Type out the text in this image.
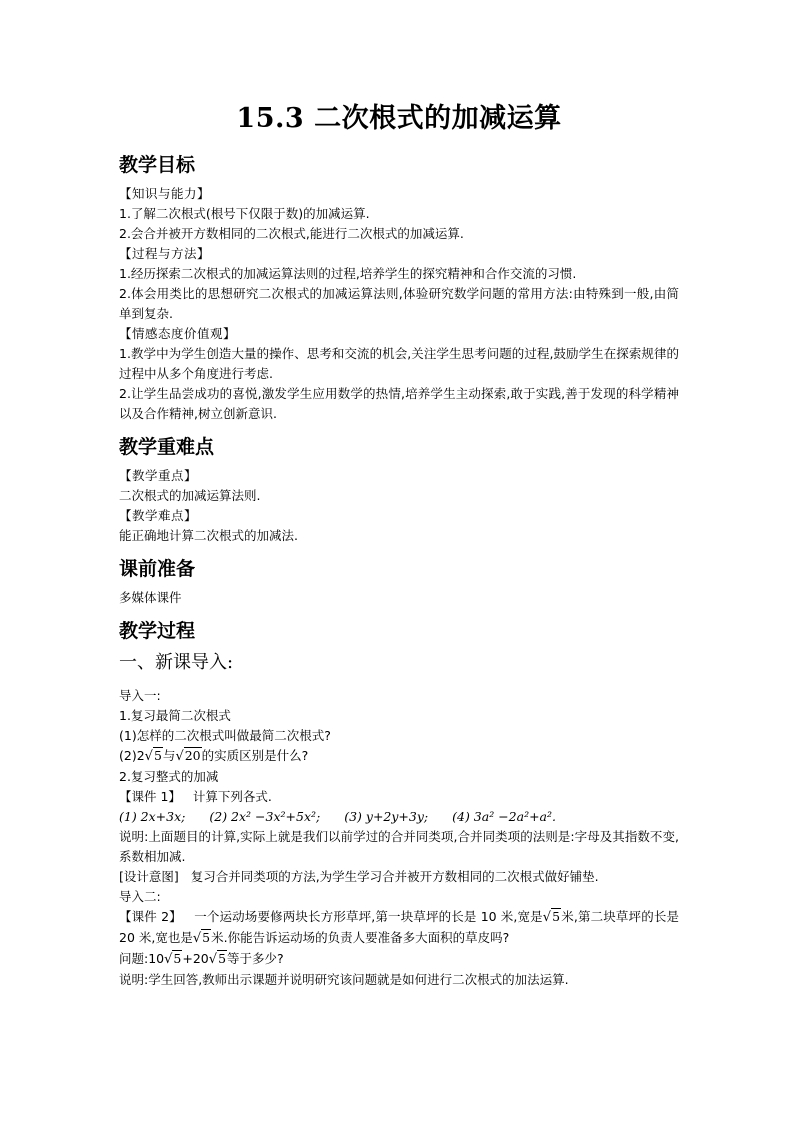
15.3 二次根式的加减运算
教学目标

【知识与能力】

1.了解二次根式(根号下仅限于数)的加减运算.

2.会合并被开方数相同的二次根式,能进行二次根式的加减运算.

【过程与方法】

1.经历探索二次根式的加减运算法则的过程,培养学生的探究精神和合作交流的习惯.

2.体会用类比的思想研究二次根式的加减运算法则,体验研究数学问题的常用方法:由特殊到一般,由简单到复杂.

【情感态度价值观】

1.教学中为学生创造大量的操作、思考和交流的机会,关注学生思考问题的过程,鼓励学生在探索规律的过程中从多个角度进行考虑.

2.让学生品尝成功的喜悦,激发学生应用数学的热情,培养学生主动探索,敢于实践,善于发现的科学精神以及合作精神,树立创新意识.

教学重难点

【教学重点】

二次根式的加减运算法则.

【教学难点】

能正确地计算二次根式的加减法.

课前准备

多媒体课件

教学过程
一、新课导入:

导入一:

1.复习最简二次根式

(1)怎样的二次根式叫做最简二次根式?

(2)2√5与√20的实质区别是什么?

2.复习整式的加减

【课件 1】 计算下列各式.

(1) 2x+3x; (2) 2x² −3x²+5x²; (3) y+2y+3y; (4) 3a² −2a²+a².

说明:上面题目的计算,实际上就是我们以前学过的合并同类项,合并同类项的法则是:字母及其指数不变,系数相加减.

[设计意图] 复习合并同类项的方法,为学生学习合并被开方数相同的二次根式做好铺垫.

导入二:

【课件 2】 一个运动场要修两块长方形草坪,第一块草坪的长是 10 米,宽是√5米,第二块草坪的长是 20 米,宽也是√5米.你能告诉运动场的负责人要准备多大面积的草皮吗?

问题:10√5+20√5等于多少?

说明:学生回答,教师出示课题并说明研究该问题就是如何进行二次根式的加法运算.
